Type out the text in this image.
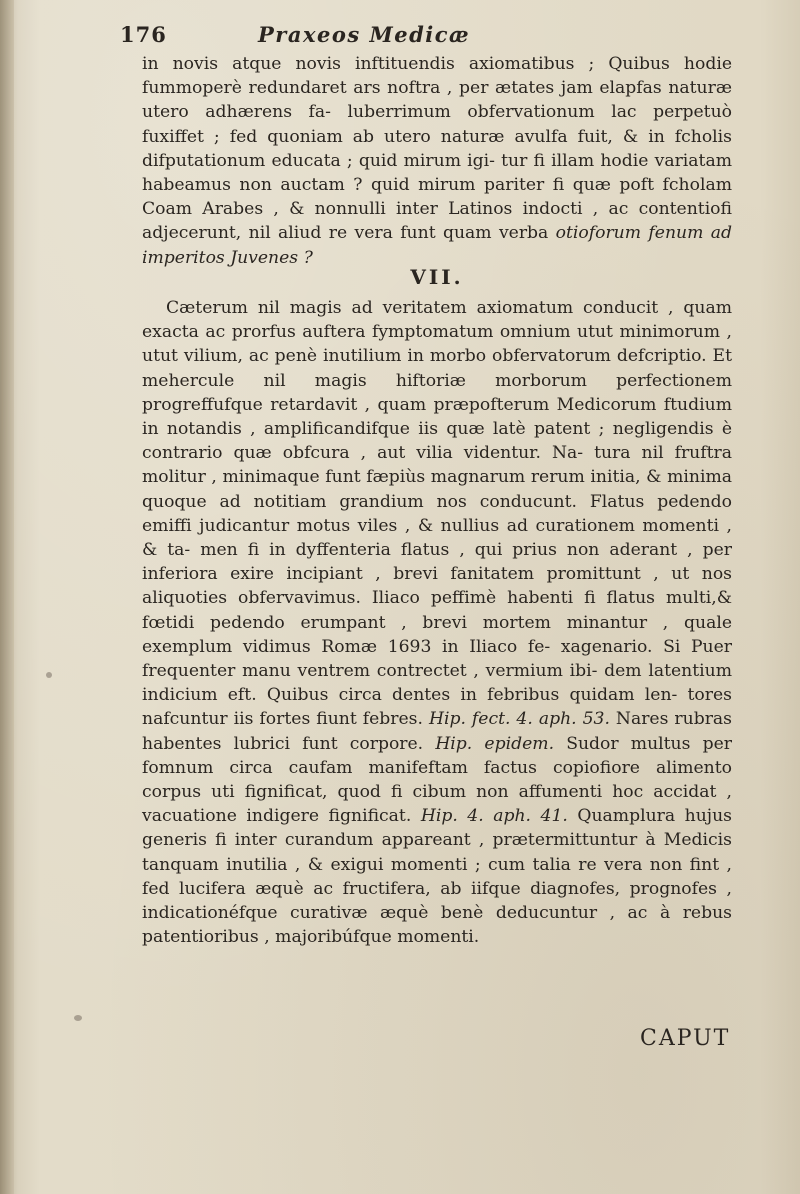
176	Praxeos Medicæ
in novis atque novis inftituendis axiomatibus ; Quibus hodie fummoperè redundaret ars noftra , per ætates jam elapfas naturæ utero adhærens fa- luberrimum obfervationum lac perpetuò fuxiffet ; fed quoniam ab utero naturæ avulfa fuit, & in fcholis difputationum educata ; quid mirum igi- tur fi illam hodie variatam habeamus non auctam ? quid mirum pariter fi quæ poft fcholam Coam Arabes , & nonnulli inter Latinos indocti , ac contentiofi adjecerunt, nil aliud re vera funt quam verba otioforum fenum ad imperitos Juvenes ?
VII.
Cæterum nil magis ad veritatem axiomatum conducit , quam exacta ac prorfus auftera fymptomatum omnium utut minimorum , utut vilium, ac penè inutilium in morbo obfervatorum defcriptio. Et mehercule nil magis hiftoriæ morborum perfectionem progreffufque retardavit , quam præpofterum Medicorum ftudium in notandis , amplificandifque iis quæ latè patent ; negligendis è contrario quæ obfcura , aut vilia videntur. Na- tura nil fruftra molitur , minimaque funt fæpiùs magnarum rerum initia, & minima quoque ad notitiam grandium nos conducunt. Flatus pedendo emiffi judicantur motus viles , & nullius ad curationem momenti , & ta- men fi in dyffenteria flatus , qui prius non aderant , per inferiora exire incipiant , brevi fanitatem promittunt , ut nos aliquoties obfervavimus. Iliaco peffimè habenti fi flatus multi,& fœtidi pedendo erumpant , brevi mortem minantur , quale exemplum vidimus Romæ 1693 in Iliaco fe- xagenario. Si Puer frequenter manu ventrem contrectet , vermium ibi- dem latentium indicium eft. Quibus circa dentes in febribus quidam len- tores nafcuntur iis fortes fiunt febres. Hip. fect. 4. aph. 53. Nares rubras habentes lubrici funt corpore. Hip. epidem. Sudor multus per fomnum circa caufam manifeftam factus copiofiore alimento corpus uti fignificat, quod fi cibum non affumenti hoc accidat , vacuatione indigere fignificat. Hip. 4. aph. 41. Quamplura hujus generis fi inter curandum appareant , prætermittuntur à Medicis tanquam inutilia , & exigui momenti ; cum talia re vera non fint , fed lucifera æquè ac fructifera, ab iifque diagnofes, prognofes , indicationéfque curativæ æquè benè deducuntur , ac à rebus patentioribus , majoribúfque momenti.
CAPUT
